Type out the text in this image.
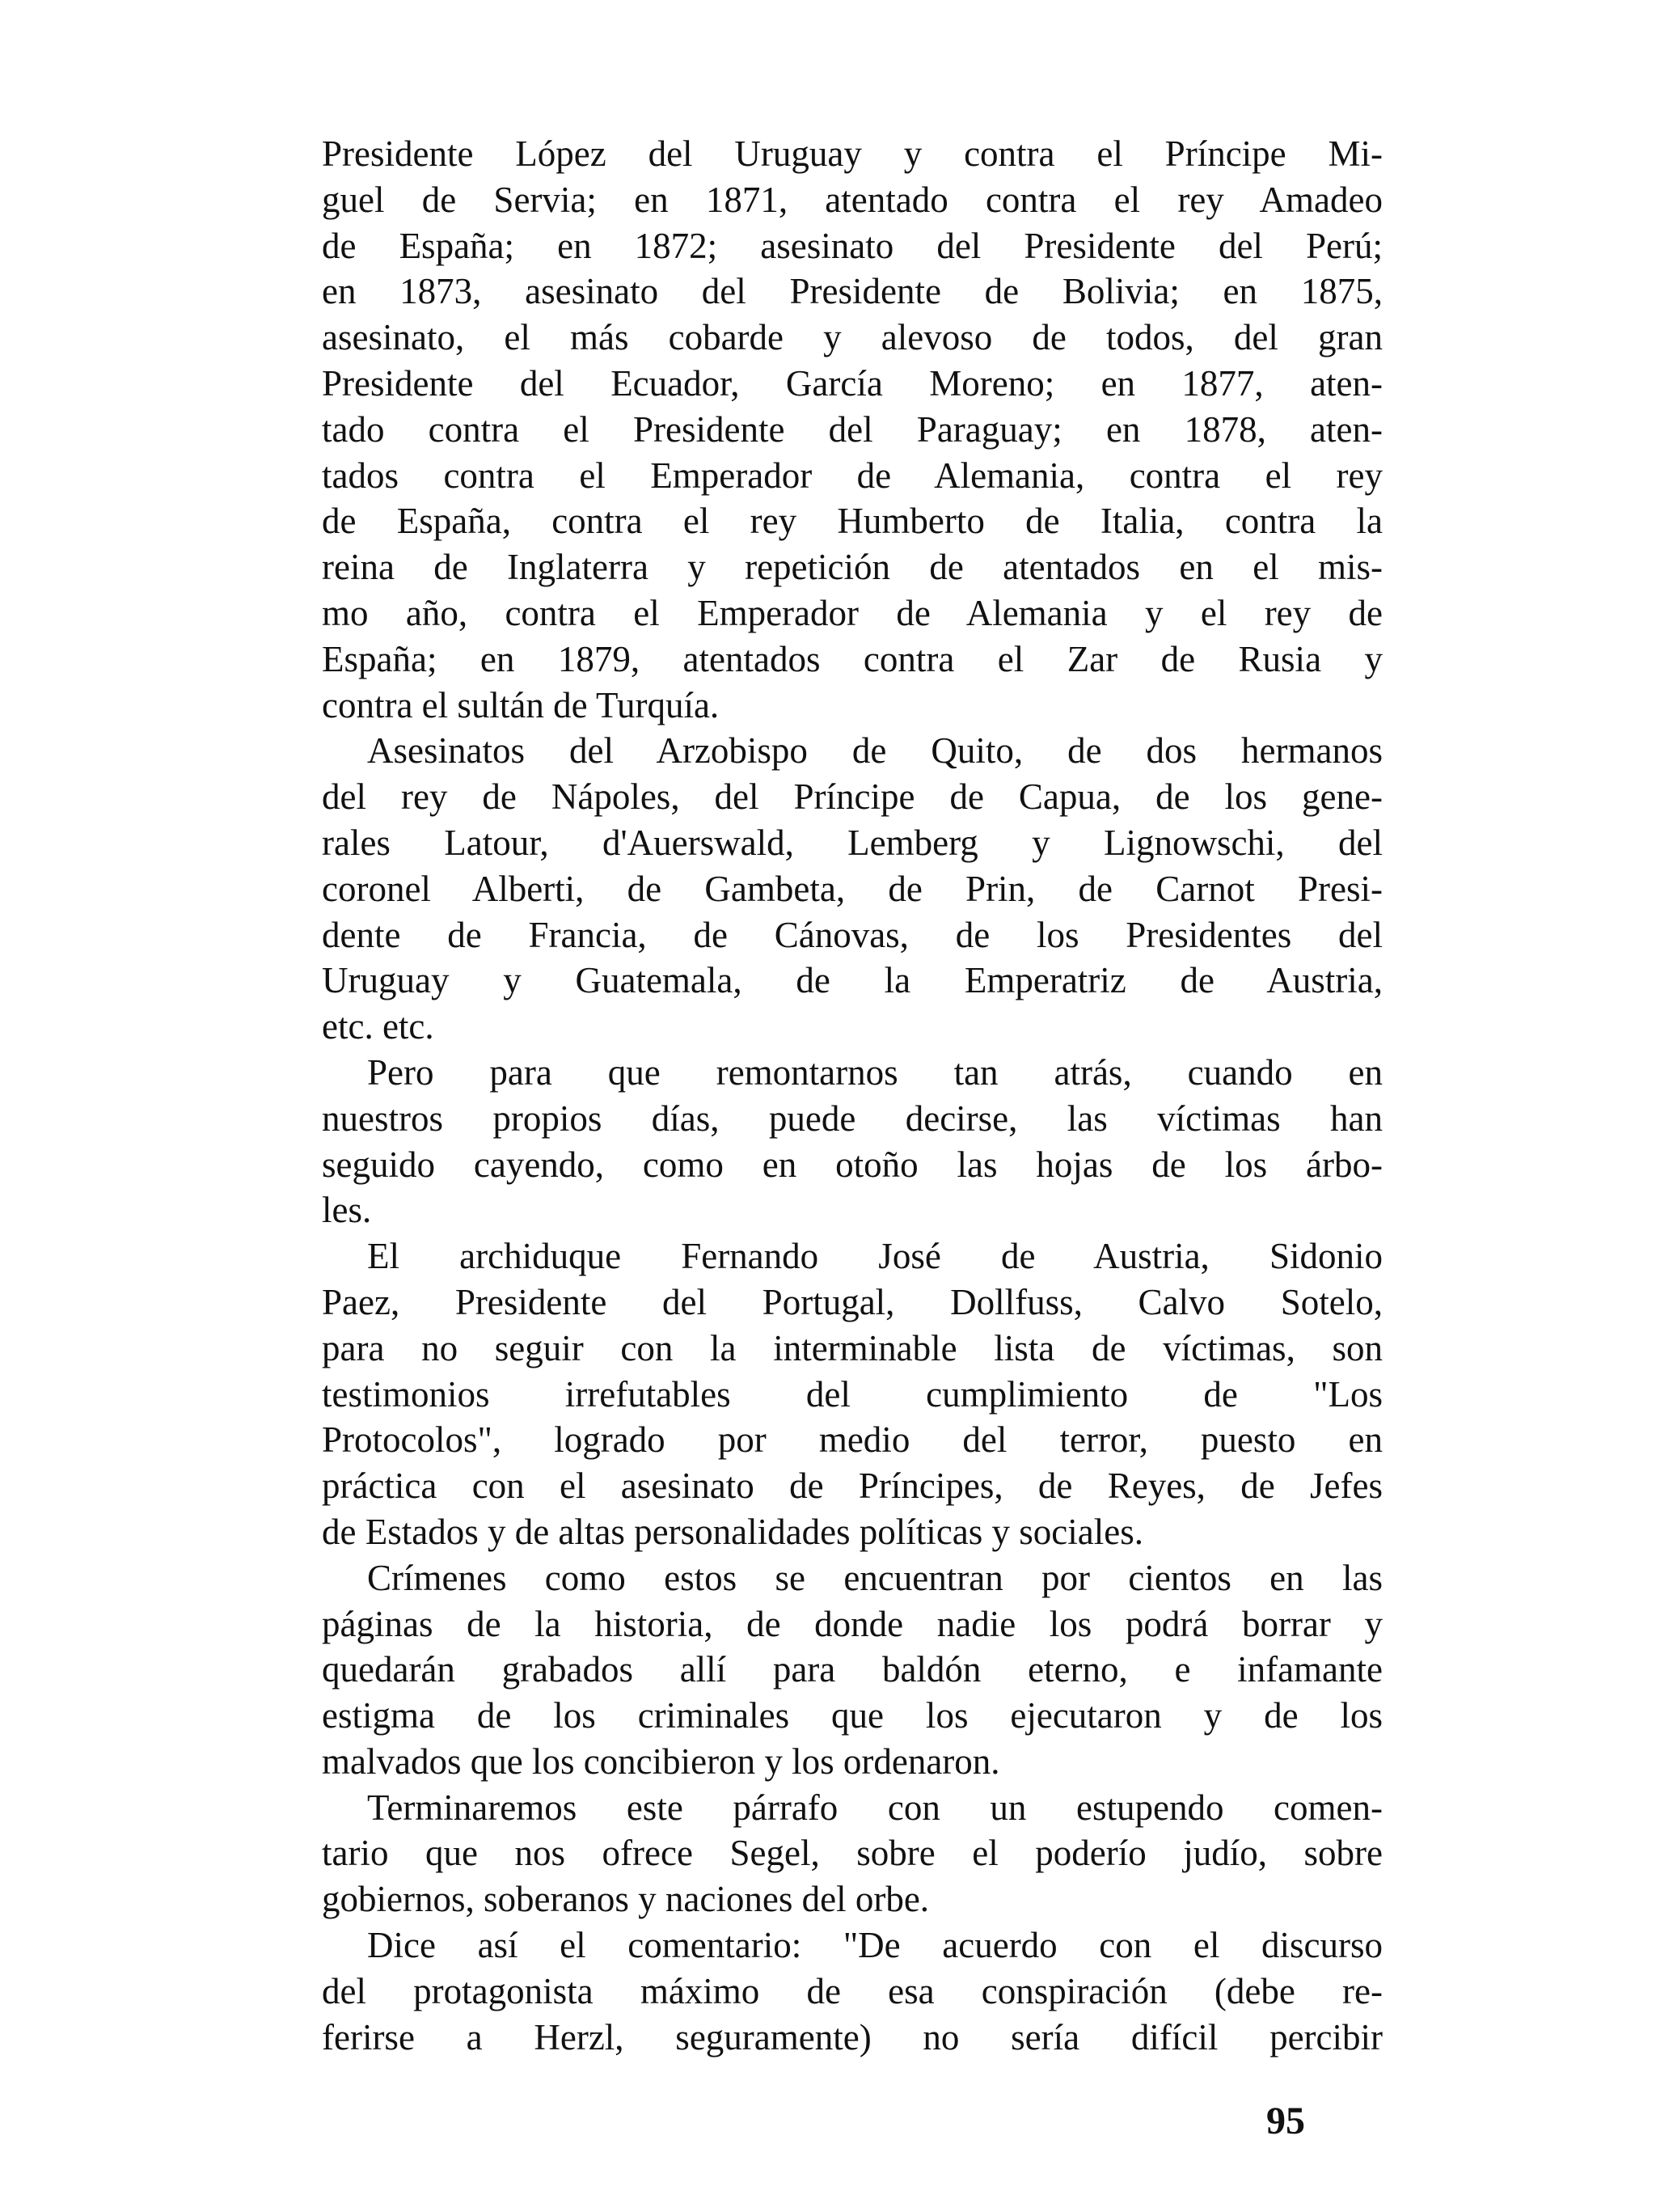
Presidente López del Uruguay y contra el Príncipe Mi-
guel de Servia; en 1871, atentado contra el rey Amadeo
de España; en 1872; asesinato del Presidente del Perú;
en 1873, asesinato del Presidente de Bolivia; en 1875,
asesinato, el más cobarde y alevoso de todos, del gran
Presidente del Ecuador, García Moreno; en 1877, aten-
tado contra el Presidente del Paraguay; en 1878, aten-
tados contra el Emperador de Alemania, contra el rey
de España, contra el rey Humberto de Italia, contra la
reina de Inglaterra y repetición de atentados en el mis-
mo año, contra el Emperador de Alemania y el rey de
España; en 1879, atentados contra el Zar de Rusia y
contra el sultán de Turquía.

Asesinatos del Arzobispo de Quito, de dos hermanos
del rey de Nápoles, del Príncipe de Capua, de los gene-
rales Latour, d'Auerswald, Lemberg y Lignowschi, del
coronel Alberti, de Gambeta, de Prin, de Carnot Presi-
dente de Francia, de Cánovas, de los Presidentes del
Uruguay y Guatemala, de la Emperatriz de Austria,
etc. etc.

Pero para que remontarnos tan atrás, cuando en
nuestros propios días, puede decirse, las víctimas han
seguido cayendo, como en otoño las hojas de los árbo-
les.

El archiduque Fernando José de Austria, Sidonio
Paez, Presidente del Portugal, Dollfuss, Calvo Sotelo,
para no seguir con la interminable lista de víctimas, son
testimonios irrefutables del cumplimiento de "Los
Protocolos", logrado por medio del terror, puesto en
práctica con el asesinato de Príncipes, de Reyes, de Jefes
de Estados y de altas personalidades políticas y sociales.

Crímenes como estos se encuentran por cientos en las
páginas de la historia, de donde nadie los podrá borrar y
quedarán grabados allí para baldón eterno, e infamante
estigma de los criminales que los ejecutaron y de los
malvados que los concibieron y los ordenaron.

Terminaremos este párrafo con un estupendo comen-
tario que nos ofrece Segel, sobre el poderío judío, sobre
gobiernos, soberanos y naciones del orbe.

Dice así el comentario: "De acuerdo con el discurso
del protagonista máximo de esa conspiración (debe re-
ferirse a Herzl, seguramente) no sería difícil percibir

95
